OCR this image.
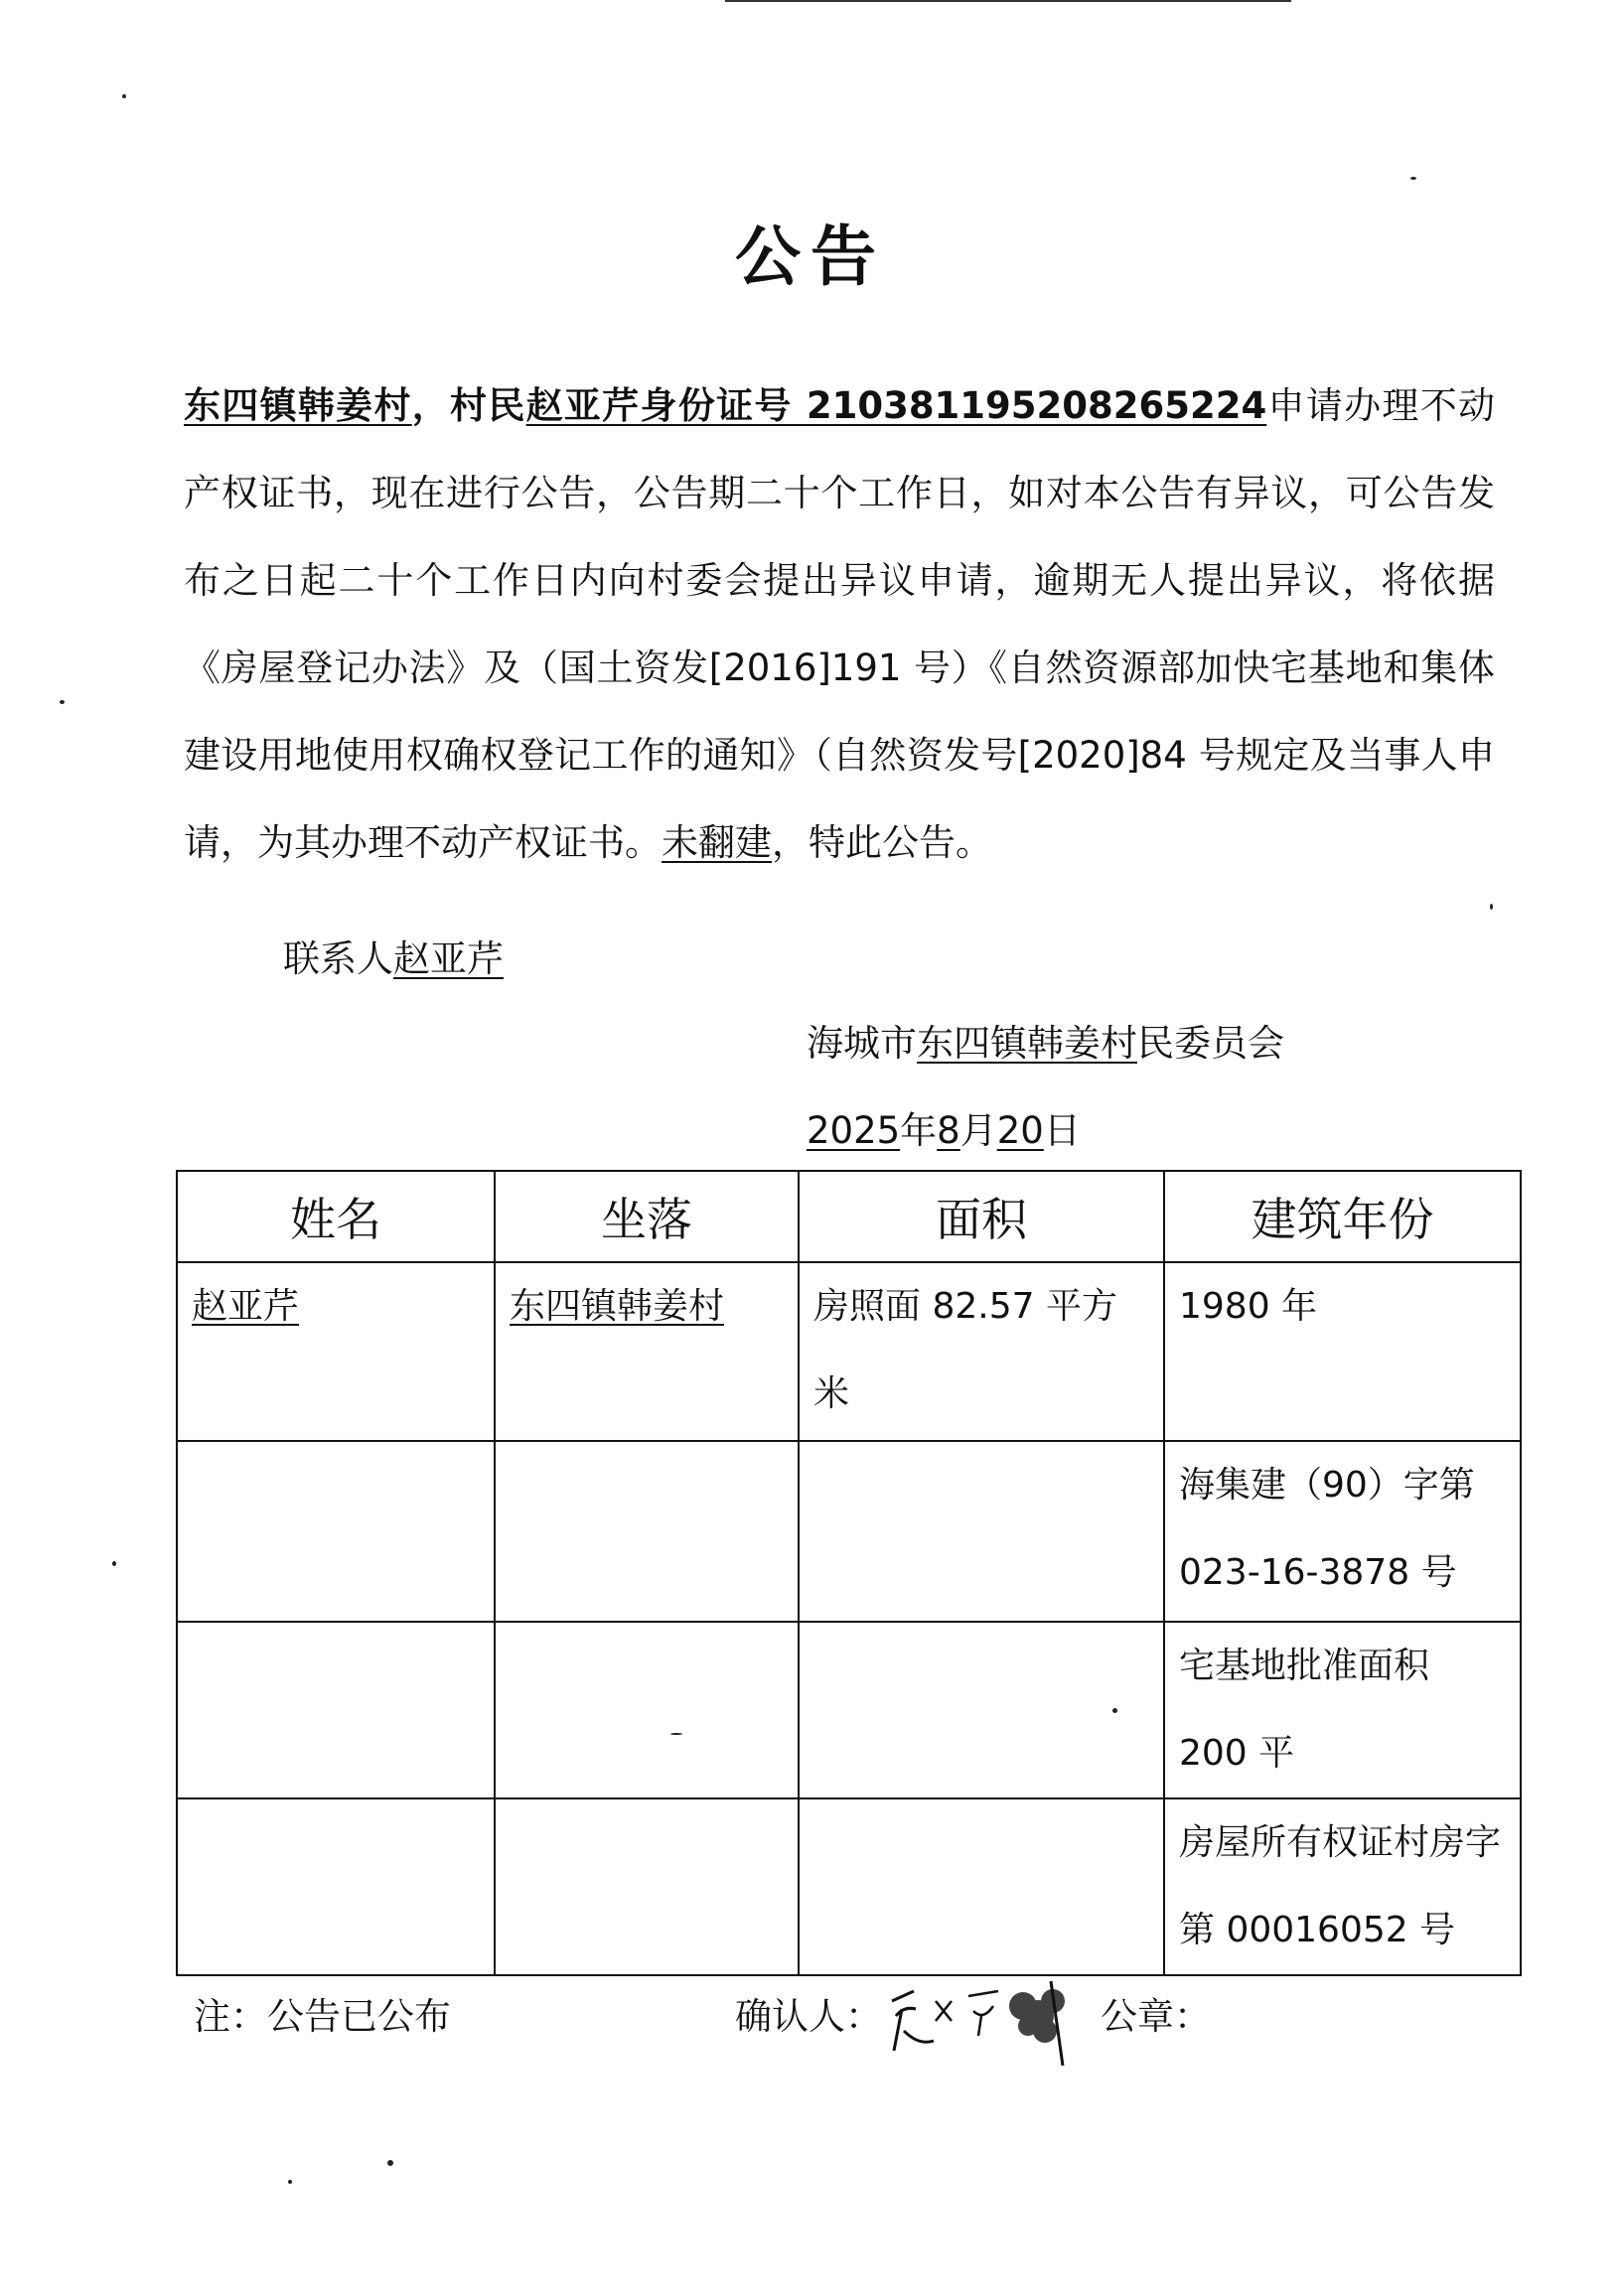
公告
东四镇韩姜村，村民赵亚芹身份证号 210381195208265224申请办理不动产权证书，现在进行公告，公告期二十个工作日，如对本公告有异议，可公告发布之日起二十个工作日内向村委会提出异议申请，逾期无人提出异议，将依据《房屋登记办法》及（国土资发[2016]191 号）《自然资源部加快宅基地和集体建设用地使用权确权登记工作的通知》（自然资发号[2020]84 号规定及当事人申请，为其办理不动产权证书。未翻建，特此公告。
联系人赵亚芹
海城市东四镇韩姜村民委员会
2025年8月20日
姓名	坐落	面积	建筑年份
赵亚芹	东四镇韩姜村	房照面 82.57 平方米	1980 年
			海集建（90）字第 023-16-3878 号
			宅基地批准面积 200 平
			房屋所有权证村房字第 00016052 号
注：公告已公布	确认人：	公章：
